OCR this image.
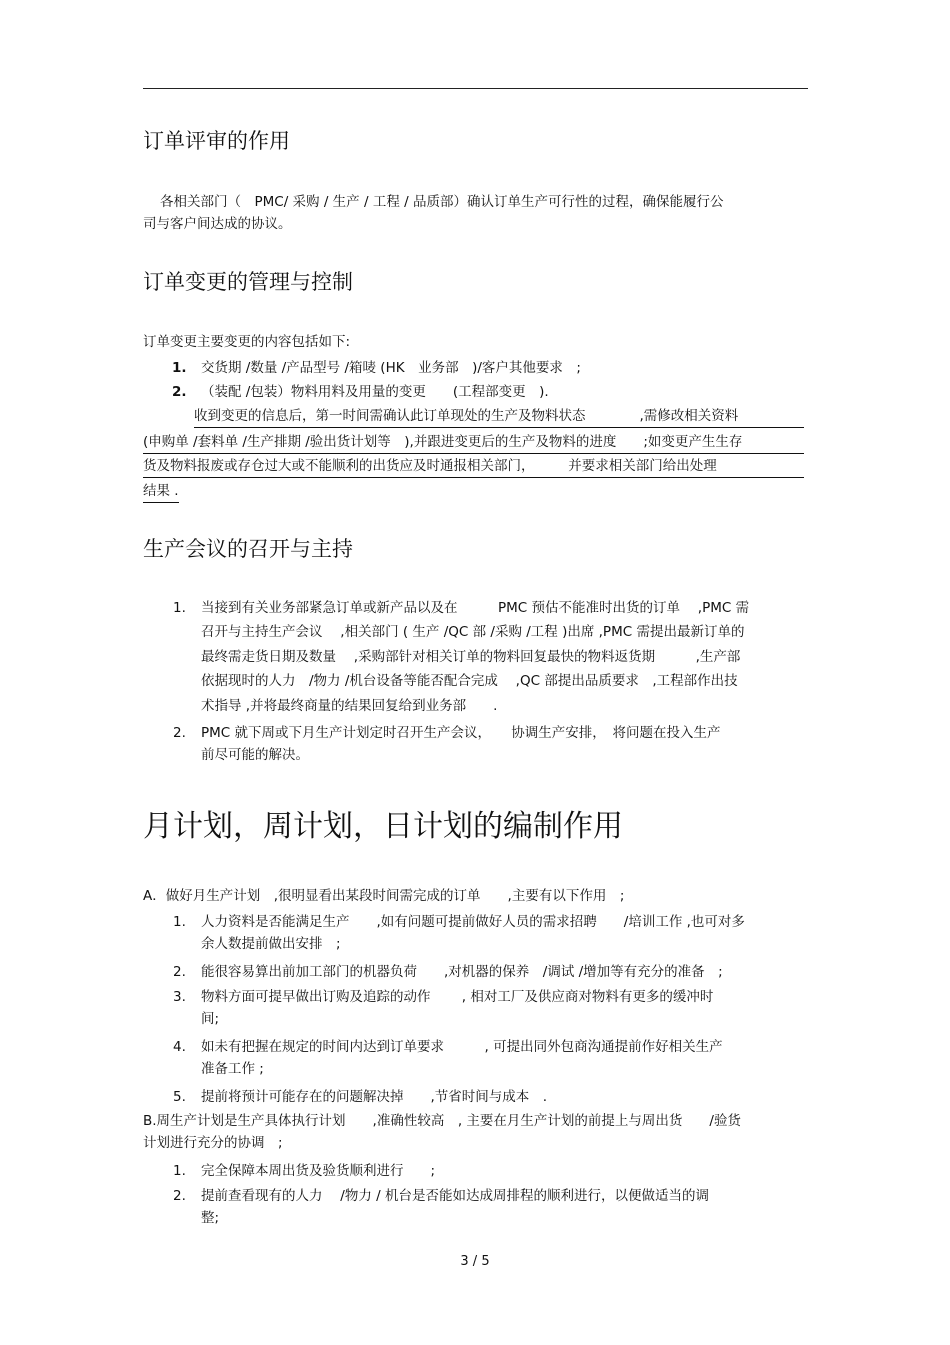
订单评审的作用
各相关部门（　PMC/ 采购 / 生产 / 工程 / 品质部）确认订单生产可行性的过程，确保能履行公
司与客户间达成的协议。
订单变更的管理与控制
订单变更主要变更的内容包括如下:
1. 交货期 /数量 /产品型号 /箱唛 (HK　业务部　)/客户其他要求　;
2. （装配 /包装）物料用料及用量的变更　　(工程部变更　).
收到变更的信息后，第一时间需确认此订单现处的生产及物料状态　　　　,需修改相关资料
(申购单 /套料单 /生产排期 /验出货计划等　),并跟进变更后的生产及物料的进度　　;如变更产生生存
货及物料报废或存仓过大或不能顺利的出货应及时通报相关部门，　　　并要求相关部门给出处理
结果 .
生产会议的召开与主持
1. 当接到有关业务部紧急订单或新产品以及在　　　PMC 预估不能准时出货的订单　 ,PMC 需
召开与主持生产会议　 ,相关部门 ( 生产 /QC 部 /采购 /工程 )出席 ,PMC 需提出最新订单的
最终需走货日期及数量　 ,采购部针对相关订单的物料回复最快的物料返货期　　　,生产部
依据现时的人力　/物力 /机台设备等能否配合完成　 ,QC 部提出品质要求　,工程部作出技
术指导 ,并将最终商量的结果回复给到业务部　　.
2. PMC 就下周或下月生产计划定时召开生产会议，　　协调生产安排，　将问题在投入生产
前尽可能的解决。
月计划，周计划，日计划的编制作用
A．做好月生产计划　,很明显看出某段时间需完成的订单　　,主要有以下作用　;
1. 人力资料是否能满足生产　　,如有问题可提前做好人员的需求招聘　　/培训工作 ,也可对多
余人数提前做出安排　;
2. 能很容易算出前加工部门的机器负荷　　,对机器的保养　/调试 /增加等有充分的准备　;
3. 物料方面可提早做出订购及追踪的动作　　 , 相对工厂及供应商对物料有更多的缓冲时
间;
4. 如未有把握在规定的时间内达到订单要求　　　, 可提出同外包商沟通提前作好相关生产
准备工作 ;
5. 提前将预计可能存在的问题解决掉　　,节省时间与成本　.
B.周生产计划是生产具体执行计划　　,准确性较高　, 主要在月生产计划的前提上与周出货　　/验货
计划进行充分的协调　;
1. 完全保障本周出货及验货顺利进行　　;
2. 提前查看现有的人力　 /物力 / 机台是否能如达成周排程的顺利进行，以便做适当的调
整;
3 / 5
